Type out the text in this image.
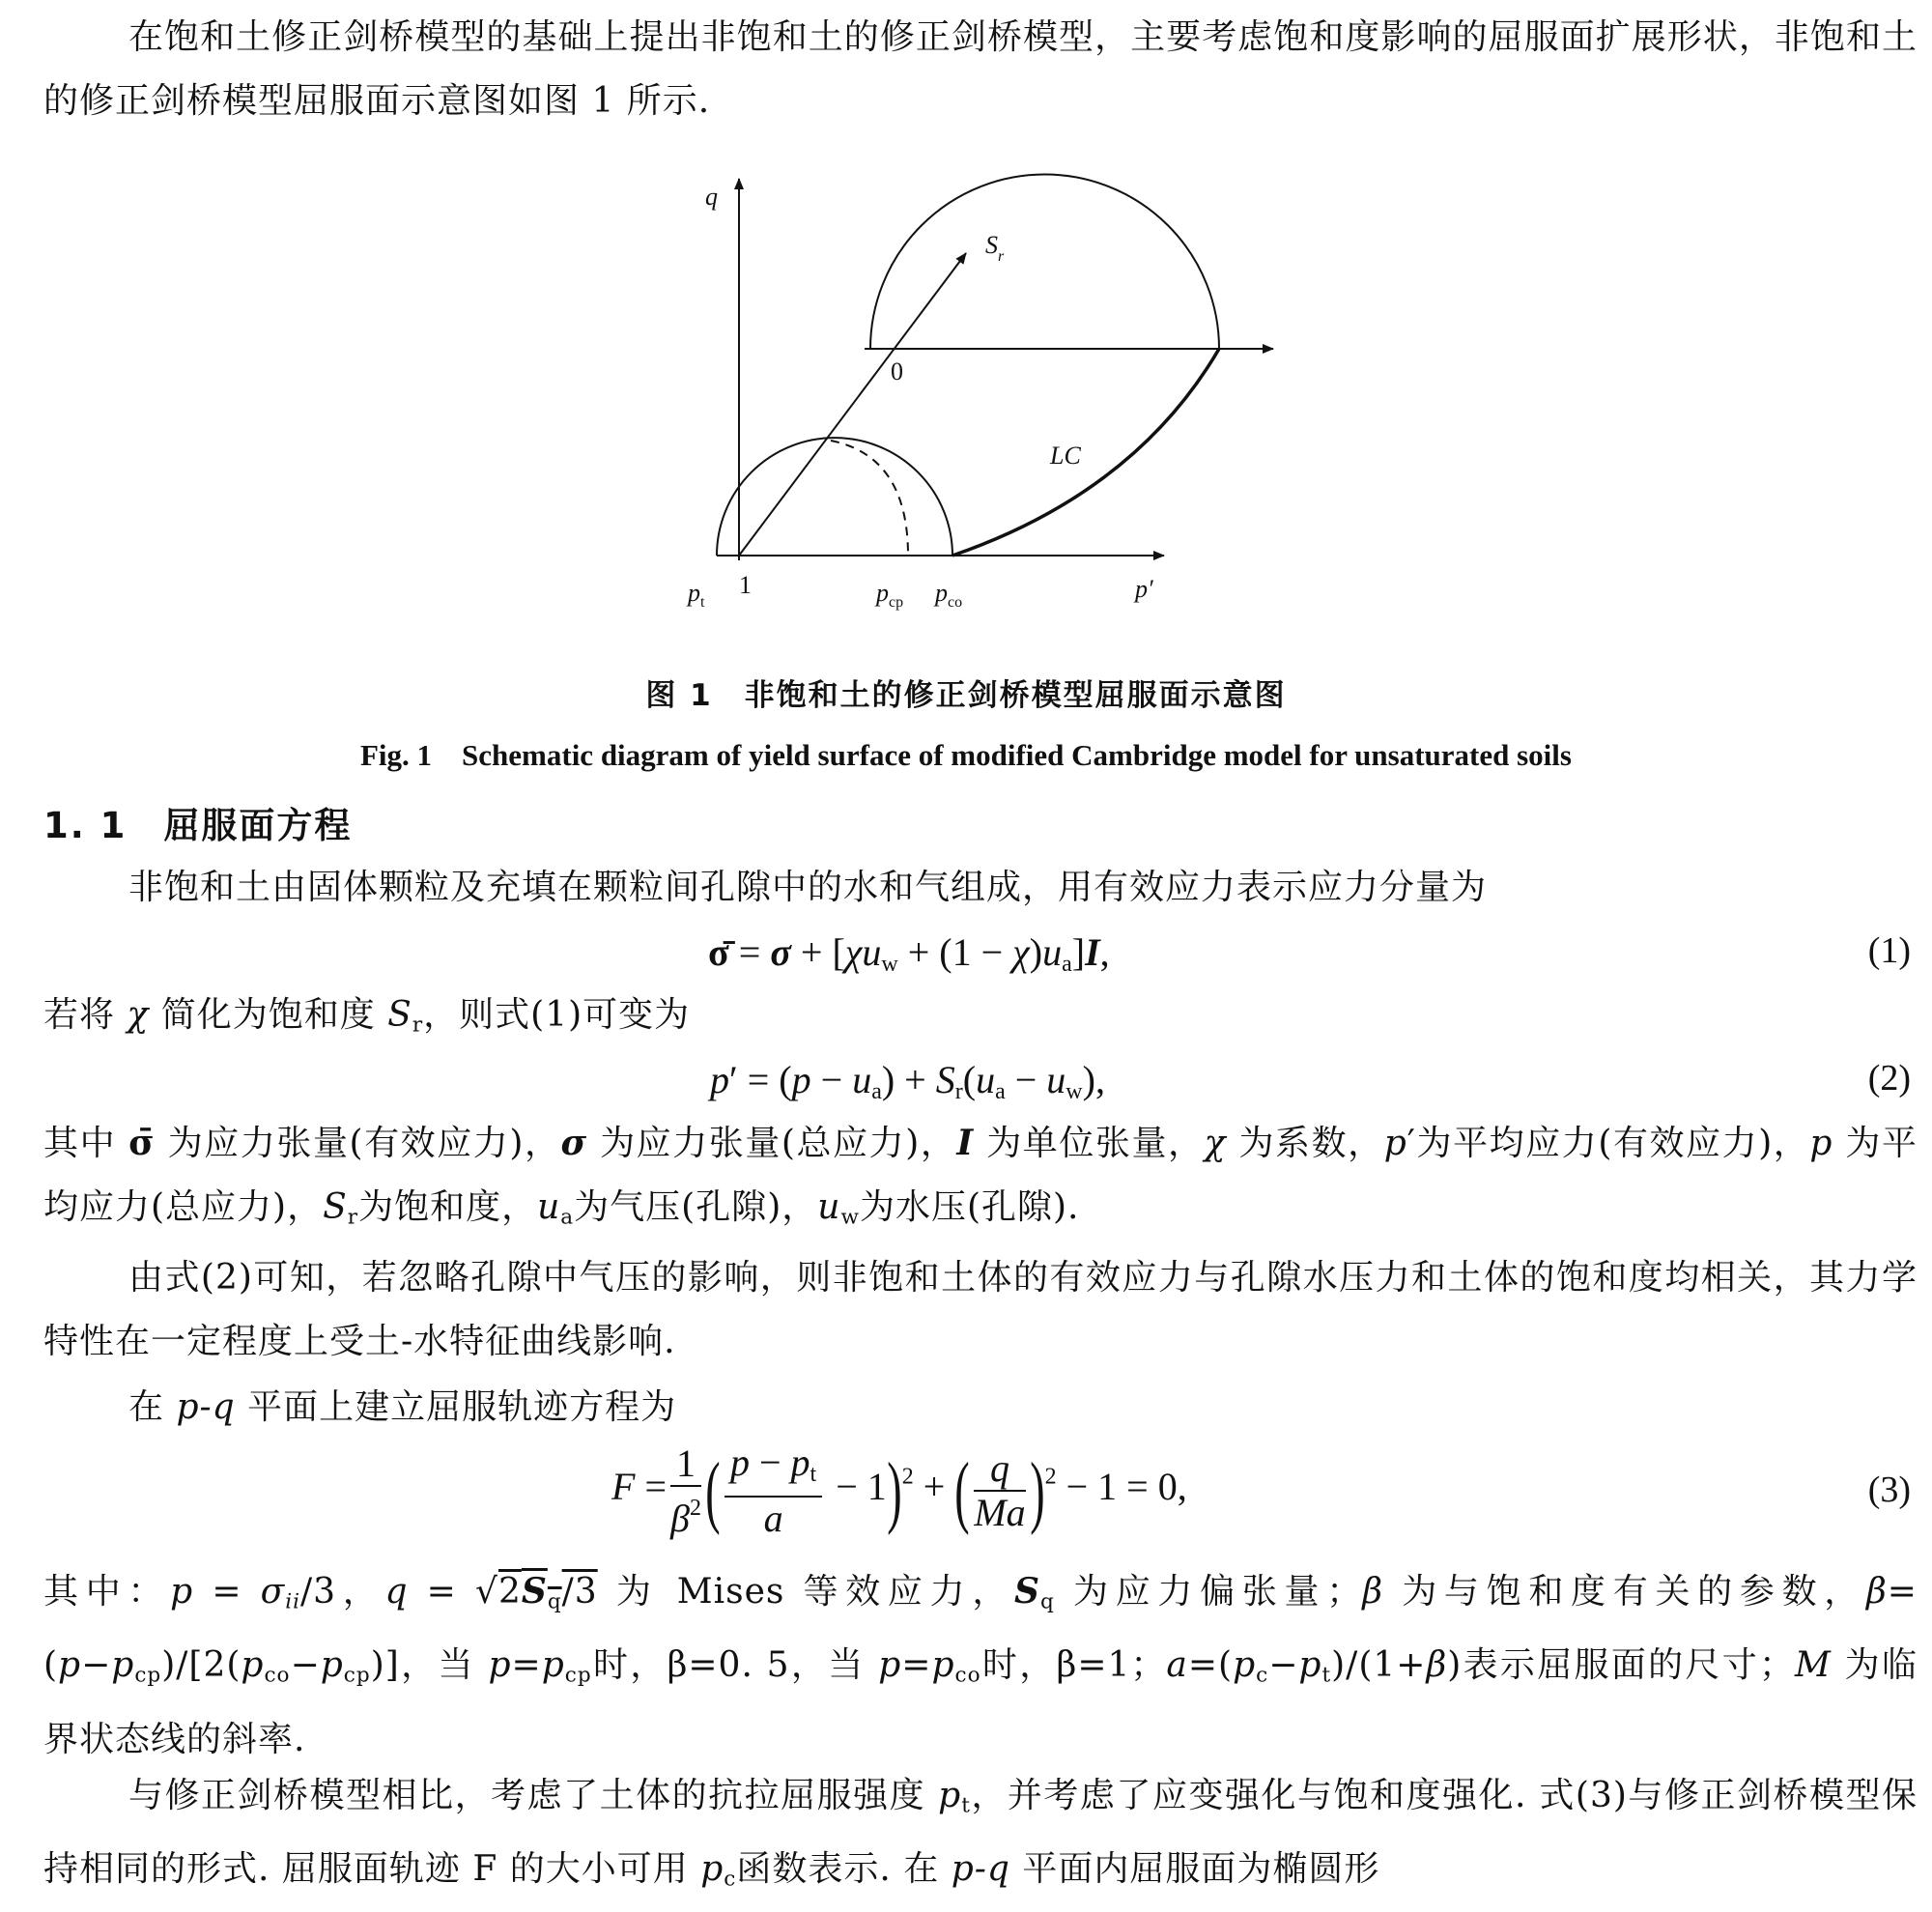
在饱和土修正剑桥模型的基础上提出非饱和土的修正剑桥模型，主要考虑饱和度影响的屈服面扩展形状，非饱和土的修正剑桥模型屈服面示意图如图 1 所示.
q
$S_r$
0
LC
$p_t$
1	$p_{cp}$ $p_{co}$	p′
图 1　非饱和土的修正剑桥模型屈服面示意图
Fig. 1　Schematic diagram of yield surface of modified Cambridge model for unsaturated soils
1. 1 屈服面方程
非饱和土由固体颗粒及充填在颗粒间孔隙中的水和气组成，用有效应力表示应力分量为
σ̄ = $\sigma + [\chi u_w + (1 - \chi)u_a]I$,	(1)
若将 χ 简化为饱和度 $S_r$，则式(1)可变为
$p' = (p - u_a) + S_r(u_a - u_w)$,	(2)
其中 σ̄ 为应力张量(有效应力)，σ 为应力张量(总应力)，I 为单位张量，χ 为系数，p′为平均应力(有效应力)，p 为平均应力(总应力)，$S_r$为饱和度，$u_a$为气压(孔隙)，$u_w$为水压(孔隙).
由式(2)可知，若忽略孔隙中气压的影响，则非饱和土体的有效应力与孔隙水压力和土体的饱和度均相关，其力学特性在一定程度上受土-水特征曲线影响.
在 p-q 平面上建立屈服轨迹方程为
$F = \frac{1}{\beta^2}$ ( $\frac{p - p_t}{a} - 1)^2$ + ( $\frac{q}{Ma} )^2 - 1 = 0$,	(3)
其中：$p = \sigma_{ii}/3$，$q = √2S_q/3$ 为 Mises 等效应力，$S_q$ 为应力偏张量；β 为与饱和度有关的参数，$\beta=(p-p_{cp})/[2(p_{co}-p_{cp})]$，当 $p=p_{cp}$时，β=0. 5，当 $p=p_{co}$时，β=1；$a=(p_c-p_t)/(1+\beta)$表示屈服面的尺寸；M 为临界状态线的斜率.
与修正剑桥模型相比，考虑了土体的抗拉屈服强度 $p_t$，并考虑了应变强化与饱和度强化. 式(3)与修正剑桥模型保持相同的形式. 屈服面轨迹 F 的大小可用 $p_c$函数表示. 在 p-q 平面内屈服面为椭圆形
